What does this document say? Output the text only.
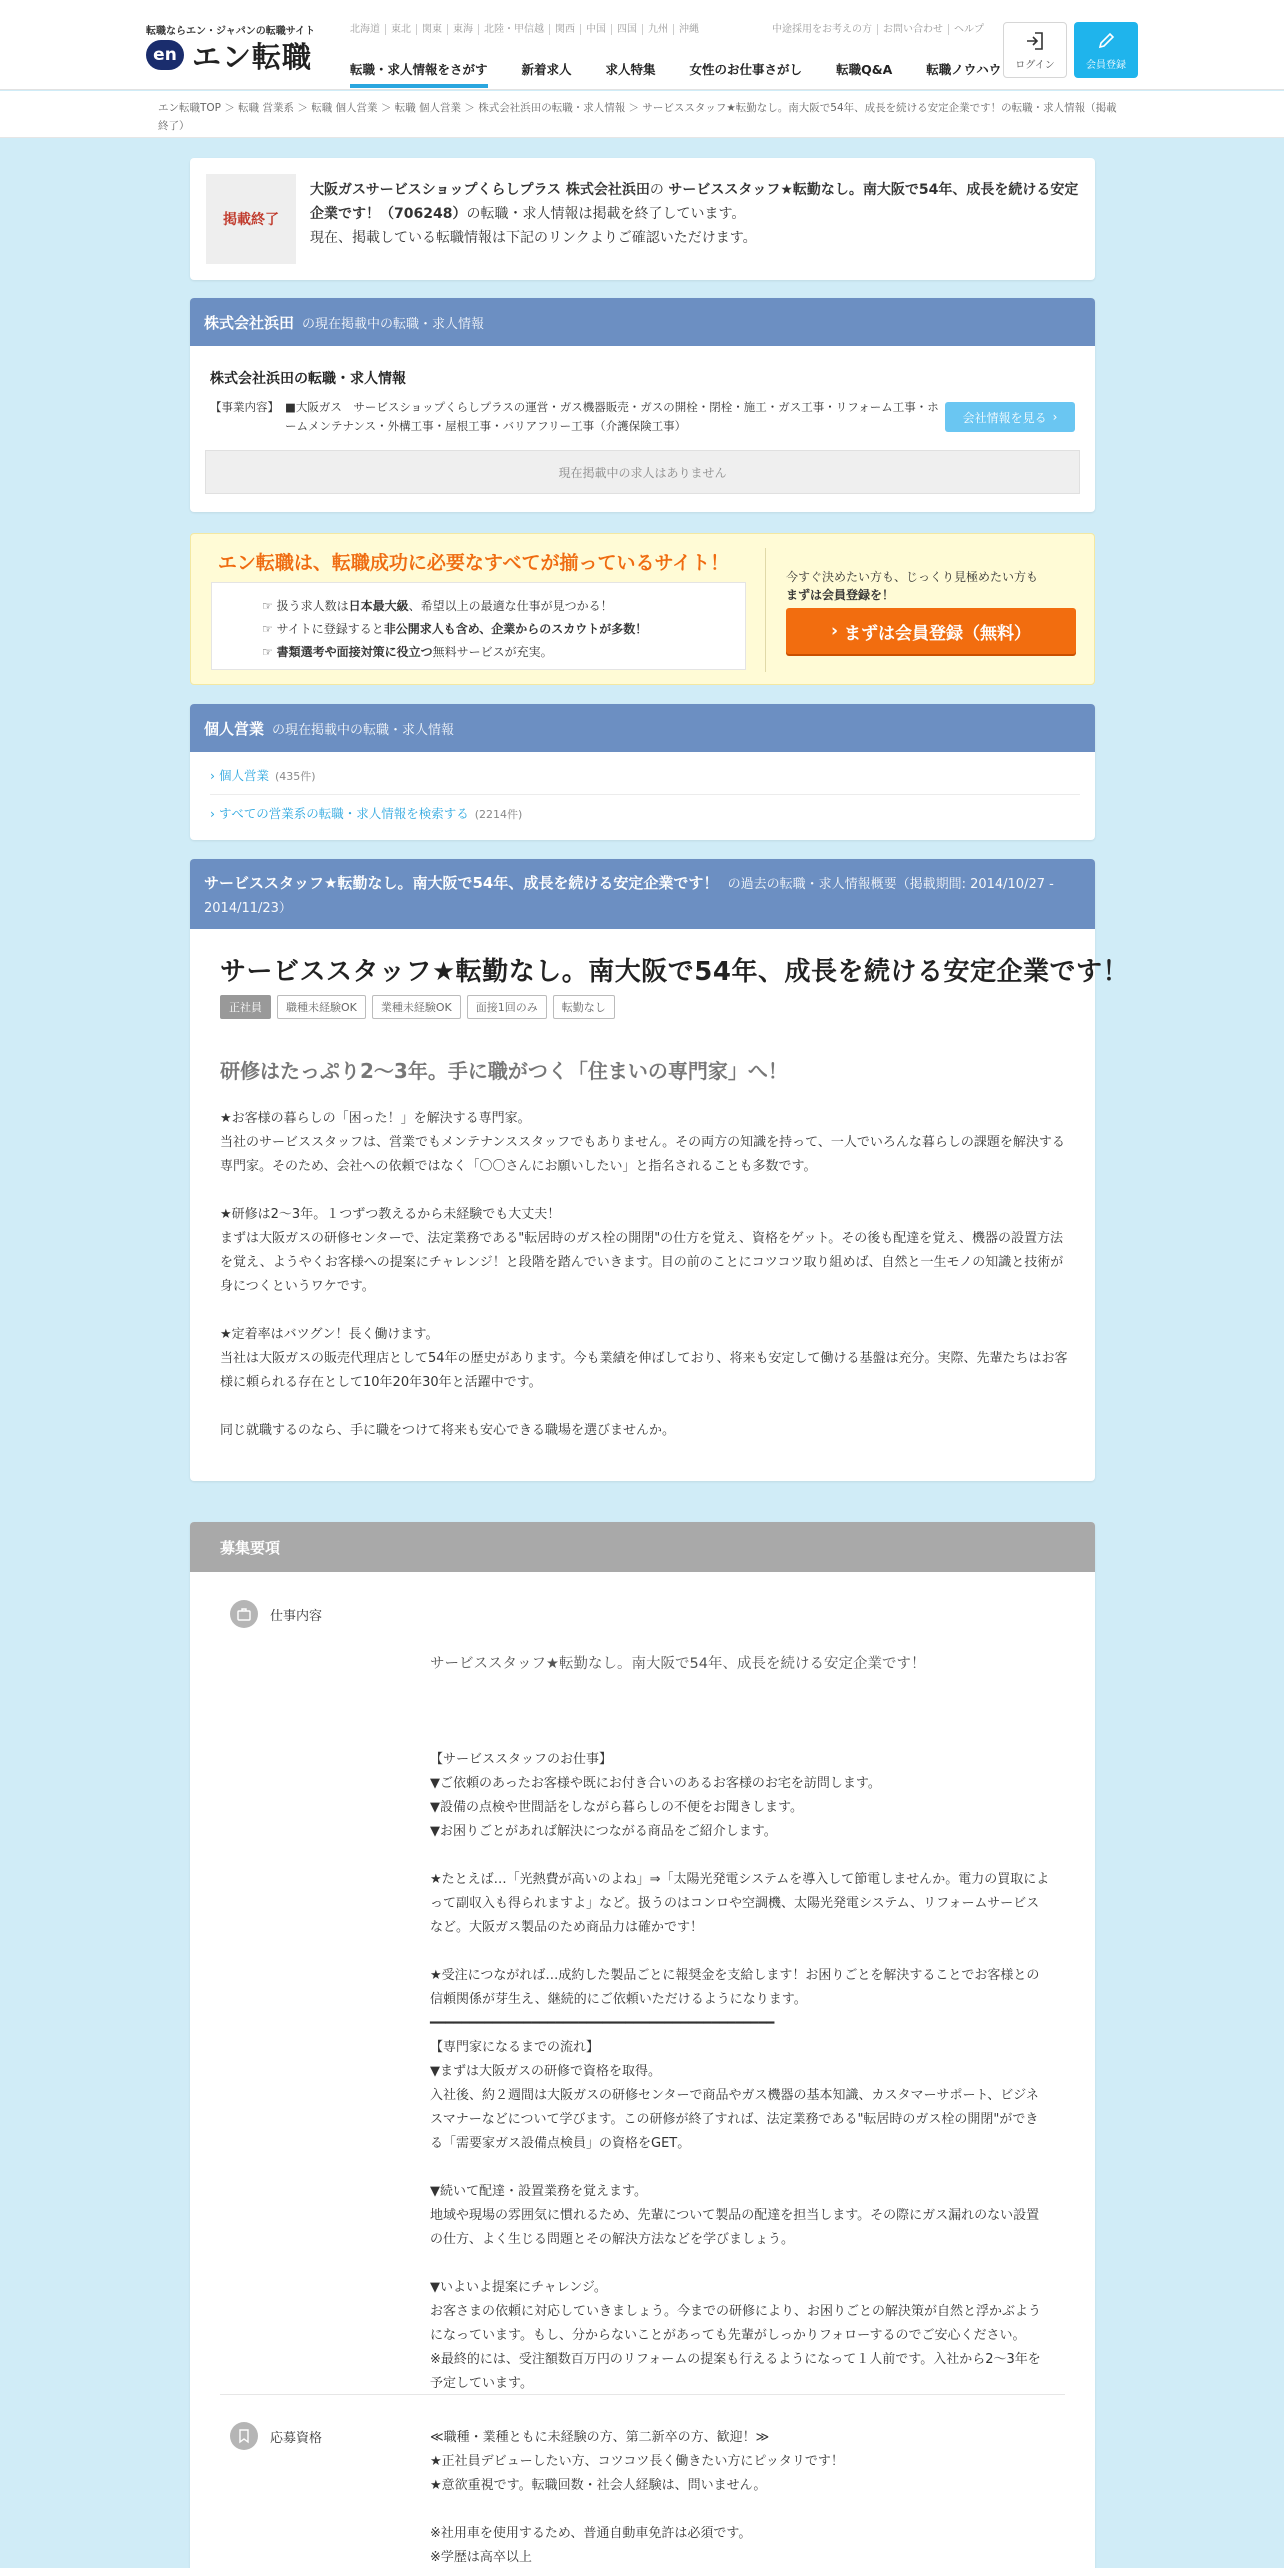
転職ならエン・ジャパンの転職サイト
en エン転職
北海道	東北	関東	東海	北陸・甲信越	関西	中国	四国	九州	沖縄	中途採用をお考えの方	お問い合わせ	ヘルプ
転職・求人情報をさがす	新着求人	求人特集	女性のお仕事さがし	転職Q&A	転職ノウハウ ログイン	会員登録
エン転職TOP ＞ 転職 営業系 ＞ 転職 個人営業 ＞ 転職 個人営業 ＞ 株式会社浜田の転職・求人情報 ＞ サービススタッフ★転勤なし。南大阪で54年、成長を続ける安定企業です！の転職・求人情報（掲載終了）
掲載終了
大阪ガスサービスショップくらしプラス 株式会社浜田の サービススタッフ★転勤なし。南大阪で54年、成長を続ける安定企業です！（706248）の転職・求人情報は掲載を終了しています。
現在、掲載している転職情報は下記のリンクよりご確認いただけます。
株式会社浜田 の現在掲載中の転職・求人情報
株式会社浜田の転職・求人情報
【事業内容】 ■大阪ガス　サービスショップくらしプラスの運営・ガス機器販売・ガスの開栓・閉栓・施工・ガス工事・リフォーム工事・ホームメンテナンス・外構工事・屋根工事・バリアフリー工事（介護保険工事）
会社情報を見る ›
現在掲載中の求人はありません
エン転職は、転職成功に必要なすべてが揃っているサイト！
☞ 扱う求人数は日本最大級、希望以上の最適な仕事が見つかる！
☞ サイトに登録すると非公開求人も含め、企業からのスカウトが多数！
☞ 書類選考や面接対策に役立つ無料サービスが充実。
今すぐ決めたい方も、じっくり見極めたい方も
まずは会員登録を！
› まずは会員登録（無料）
個人営業 の現在掲載中の転職・求人情報
› 個人営業 (435件)
› すべての営業系の転職・求人情報を検索する (2214件)
サービススタッフ★転勤なし。南大阪で54年、成長を続ける安定企業です！ の過去の転職・求人情報概要（掲載期間: 2014/10/27 - 2014/11/23）
サービススタッフ★転勤なし。南大阪で54年、成長を続ける安定企業です！
正社員	職種未経験OK	業種未経験OK	面接1回のみ	転勤なし
研修はたっぷり2～3年。手に職がつく「住まいの専門家」へ！
★お客様の暮らしの「困った！」を解決する専門家。
当社のサービススタッフは、営業でもメンテナンススタッフでもありません。その両方の知識を持って、一人でいろんな暮らしの課題を解決する専門家。そのため、会社への依頼ではなく「〇〇さんにお願いしたい」と指名されることも多数です。

★研修は2～3年。１つずつ教えるから未経験でも大丈夫！
まずは大阪ガスの研修センターで、法定業務である"転居時のガス栓の開閉"の仕方を覚え、資格をゲット。その後も配達を覚え、機器の設置方法を覚え、ようやくお客様への提案にチャレンジ！と段階を踏んでいきます。目の前のことにコツコツ取り組めば、自然と一生モノの知識と技術が身につくというワケです。

★定着率はバツグン！長く働けます。
当社は大阪ガスの販売代理店として54年の歴史があります。今も業績を伸ばしており、将来も安定して働ける基盤は充分。実際、先輩たちはお客様に頼られる存在として10年20年30年と活躍中です。

同じ就職するのなら、手に職をつけて将来も安心できる職場を選びませんか。
募集要項
仕事内容

サービススタッフ★転勤なし。南大阪で54年、成長を続ける安定企業です！

【サービススタッフのお仕事】
▼ご依頼のあったお客様や既にお付き合いのあるお客様のお宅を訪問します。
▼設備の点検や世間話をしながら暮らしの不便をお聞きします。
▼お困りごとがあれば解決につながる商品をご紹介します。

★たとえば…「光熱費が高いのよね」⇒「太陽光発電システムを導入して節電しませんか。電力の買取によって副収入も得られますよ」など。扱うのはコンロや空調機、太陽光発電システム、リフォームサービスなど。大阪ガス製品のため商品力は確かです！

★受注につながれば…成約した製品ごとに報奨金を支給します！お困りごとを解決することでお客様との信頼関係が芽生え、継続的にご依頼いただけるようになります。
━━━━━━━━━━━━━━━━━━━━━━━━━━━━━━━━━━━━━━━━━━━━
【専門家になるまでの流れ】
▼まずは大阪ガスの研修で資格を取得。
入社後、約２週間は大阪ガスの研修センターで商品やガス機器の基本知識、カスタマーサポート、ビジネスマナーなどについて学びます。この研修が終了すれば、法定業務である"転居時のガス栓の開閉"ができる「需要家ガス設備点検員」の資格をGET。

▼続いて配達・設置業務を覚えます。
地域や現場の雰囲気に慣れるため、先輩について製品の配達を担当します。その際にガス漏れのない設置の仕方、よく生じる問題とその解決方法などを学びましょう。

▼いよいよ提案にチャレンジ。
お客さまの依頼に対応していきましょう。今までの研修により、お困りごとの解決策が自然と浮かぶようになっています。もし、分からないことがあっても先輩がしっかりフォローするのでご安心ください。
※最終的には、受注額数百万円のリフォームの提案も行えるようになって１人前です。入社から2～3年を予定しています。

応募資格	≪職種・業種ともに未経験の方、第二新卒の方、歓迎！≫
★正社員デビューしたい方、コツコツ長く働きたい方にピッタリです！
★意欲重視です。転職回数・社会人経験は、問いません。

※社用車を使用するため、普通自動車免許は必須です。
※学歴は高卒以上
